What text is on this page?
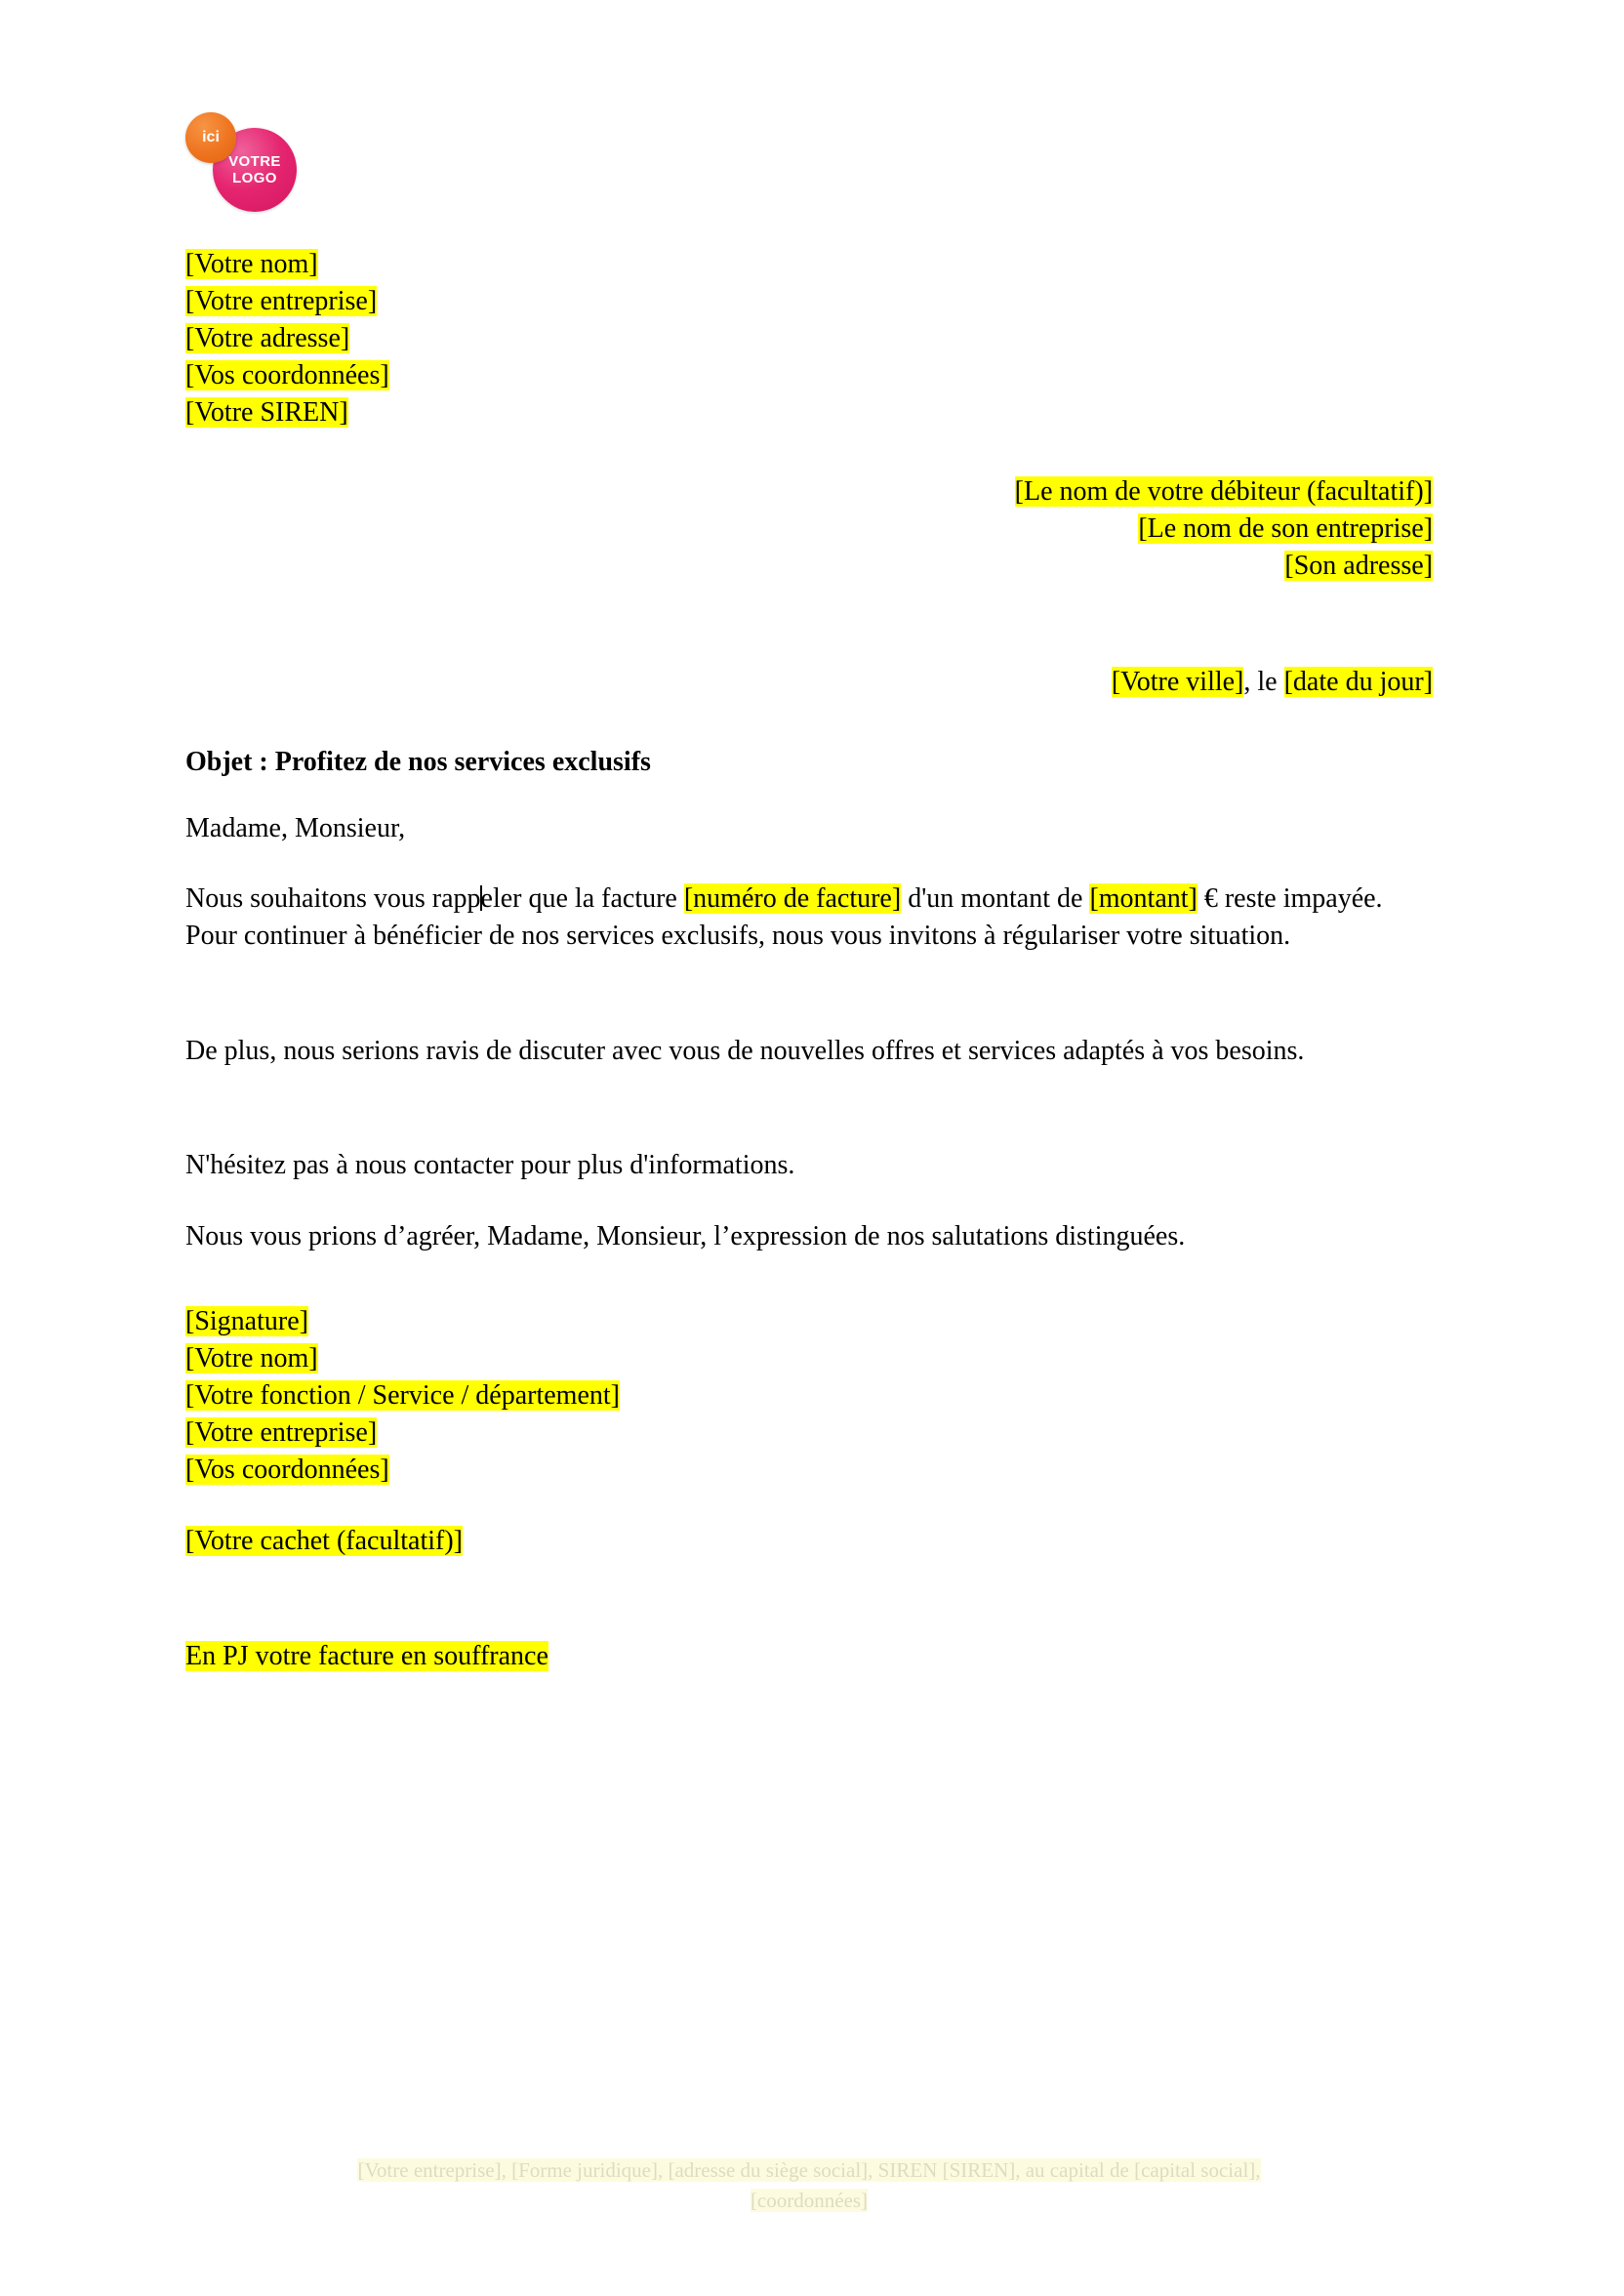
VOTRE
LOGO
ici
[Votre nom]
[Votre entreprise]
[Votre adresse]
[Vos coordonnées]
[Votre SIREN]
[Le nom de votre débiteur (facultatif)]
[Le nom de son entreprise]
[Son adresse]
[Votre ville], le [date du jour]
Objet : Profitez de nos services exclusifs
Madame, Monsieur,
Nous souhaitons vous rappeler que la facture [numéro de facture] d'un montant de [montant] € reste impayée. Pour continuer à bénéficier de nos services exclusifs, nous vous invitons à régulariser votre situation.
De plus, nous serions ravis de discuter avec vous de nouvelles offres et services adaptés à vos besoins.
N'hésitez pas à nous contacter pour plus d'informations.
Nous vous prions d’agréer, Madame, Monsieur, l’expression de nos salutations distinguées.
[Signature]
[Votre nom]
[Votre fonction / Service / département]
[Votre entreprise]
[Vos coordonnées]
[Votre cachet (facultatif)]
En PJ votre facture en souffrance
[Votre entreprise], [Forme juridique], [adresse du siège social], SIREN [SIREN], au capital de [capital social],
[coordonnées]
